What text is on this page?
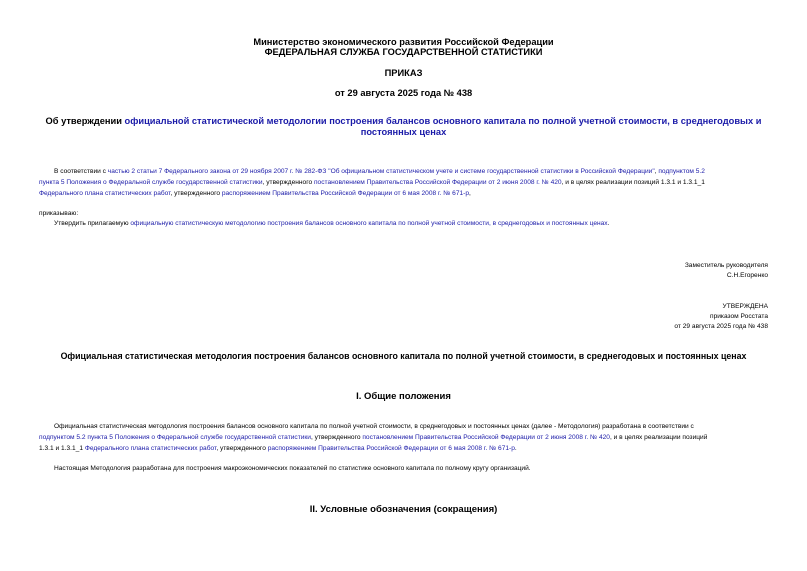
Министерство экономического развития Российской Федерации
ФЕДЕРАЛЬНАЯ СЛУЖБА ГОСУДАРСТВЕННОЙ СТАТИСТИКИ
ПРИКАЗ
от 29 августа 2025 года № 438
Об утверждении официальной статистической методологии построения балансов основного капитала по полной учетной стоимости, в среднегодовых и
постоянных ценах
В соответствии с частью 2 статьи 7 Федерального закона от 29 ноября 2007 г. № 282-ФЗ "Об официальном статистическом учете и системе государственной статистики в Российской Федерации", подпунктом 5.2
пункта 5 Положения о Федеральной службе государственной статистики, утвержденного постановлением Правительства Российской Федерации от 2 июня 2008 г. № 420, и в целях реализации позиций 1.3.1 и 1.3.1_1
Федерального плана статистических работ, утвержденного распоряжением Правительства Российской Федерации от 6 мая 2008 г. № 671-р,
приказываю:
Утвердить прилагаемую официальную статистическую методологию построения балансов основного капитала по полной учетной стоимости, в среднегодовых и постоянных ценах.
Заместитель руководителя
С.Н.Егоренко
УТВЕРЖДЕНА
приказом Росстата
от 29 августа 2025 года № 438
Официальная статистическая методология построения балансов основного капитала по полной учетной стоимости, в среднегодовых и постоянных ценах
I. Общие положения
Официальная статистическая методология построения балансов основного капитала по полной учетной стоимости, в среднегодовых и постоянных ценах (далее - Методология) разработана в соответствии с
подпунктом 5.2 пункта 5 Положения о Федеральной службе государственной статистики, утвержденного постановлением Правительства Российской Федерации от 2 июня 2008 г. № 420, и в целях реализации позиций
1.3.1 и 1.3.1_1 Федерального плана статистических работ, утвержденного распоряжением Правительства Российской Федерации от 6 мая 2008 г. № 671-р.
Настоящая Методология разработана для построения макроэкономических показателей по статистике основного капитала по полному кругу организаций.
II. Условные обозначения (сокращения)
